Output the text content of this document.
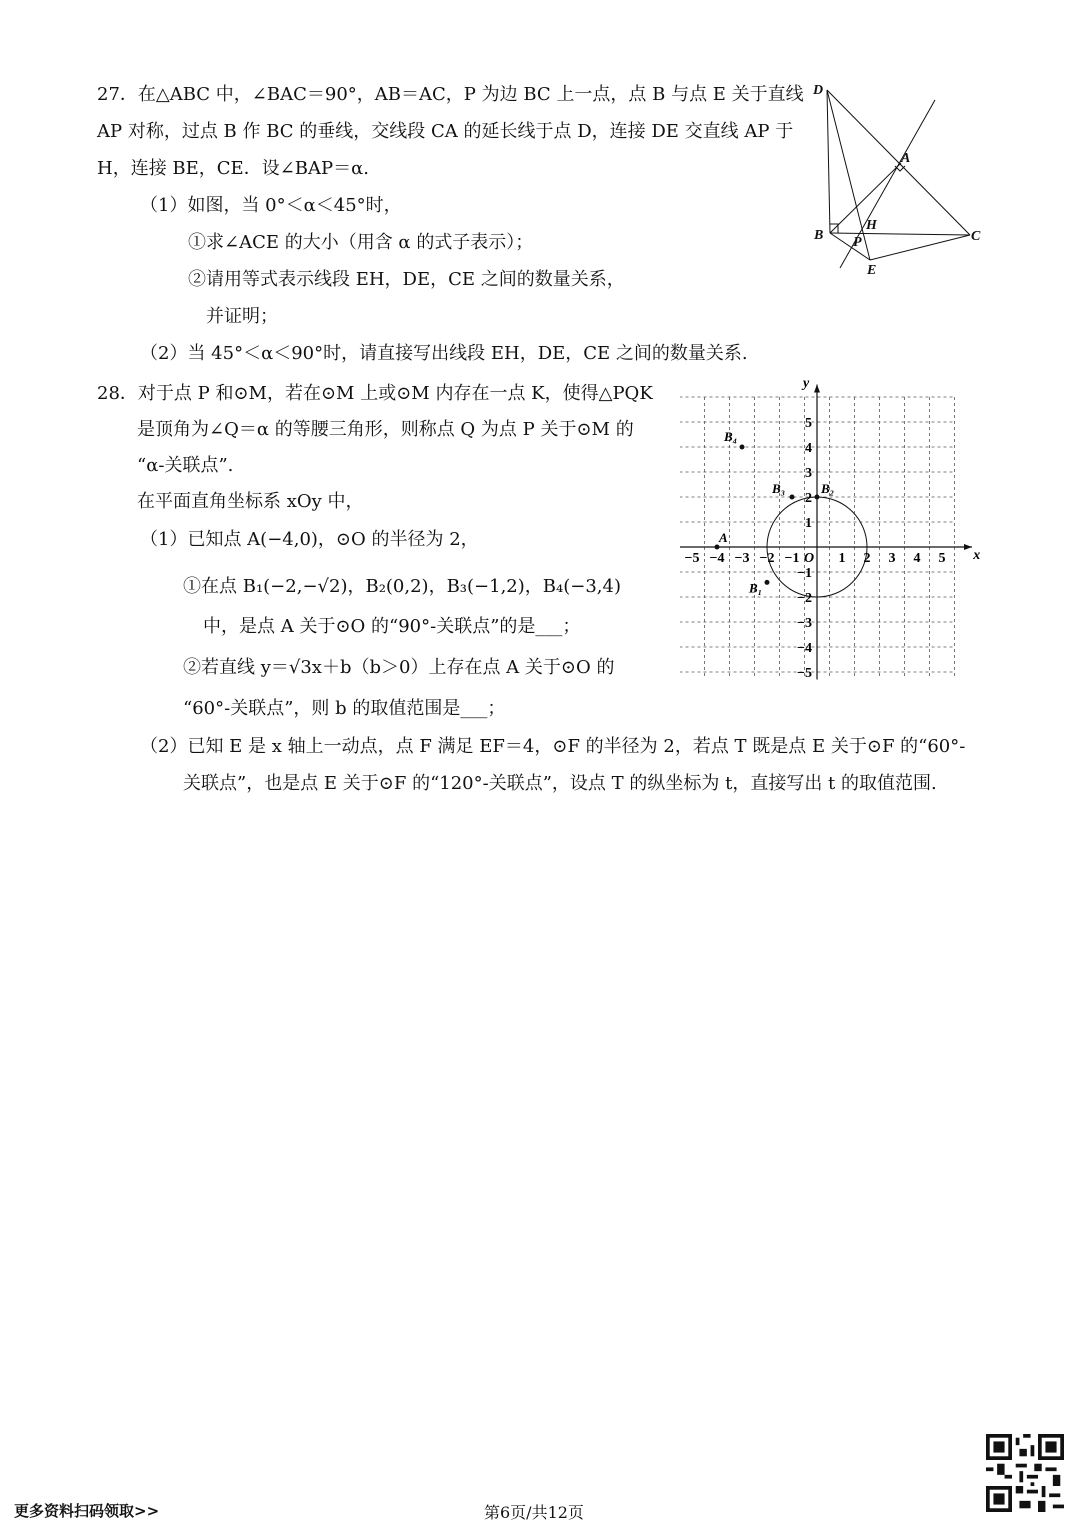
27．在△ABC 中，∠BAC＝90°，AB＝AC，P 为边 BC 上一点，点 B 与点 E 关于直线
AP 对称，过点 B 作 BC 的垂线，交线段 CA 的延长线于点 D，连接 DE 交直线 AP 于
H，连接 BE，CE．设∠BAP＝α.
（1）如图，当 0°＜α＜45°时，
①求∠ACE 的大小（用含 α 的式子表示）；
②请用等式表示线段 EH，DE，CE 之间的数量关系，
并证明；
（2）当 45°＜α＜90°时，请直接写出线段 EH，DE，CE 之间的数量关系.
D
A
B
H
P	C
E
28．对于点 P 和⊙M，若在⊙M 上或⊙M 内存在一点 K，使得△PQK
是顶角为∠Q＝α 的等腰三角形，则称点 Q 为点 P 关于⊙M 的
“α-关联点”.
在平面直角坐标系 xOy 中，
（1）已知点 A(−4,0)，⊙O 的半径为 2，
①在点 B₁(−2,−√2)，B₂(0,2)，B₃(−1,2)，B₄(−3,4)
中，是点 A 关于⊙O 的“90°-关联点”的是___；
②若直线 y＝√3x＋b（b＞0）上存在点 A 关于⊙O 的
“60°-关联点”，则 b 的取值范围是___；
（2）已知 E 是 x 轴上一动点，点 F 满足 EF＝4，⊙F 的半径为 2，若点 T 既是点 E 关于⊙F 的“60°-
关联点”，也是点 E 关于⊙F 的“120°-关联点”，设点 T 的纵坐标为 t，直接写出 t 的取值范围.
x
y
O
−5 −4 −3 −2 −1	1 2 3 4 5
5
4
3
2
1
−1
−2
−3
−4
−5
A
B₁
B₂
B₃
B₄
更多资料扫码领取>>	第6页/共12页
